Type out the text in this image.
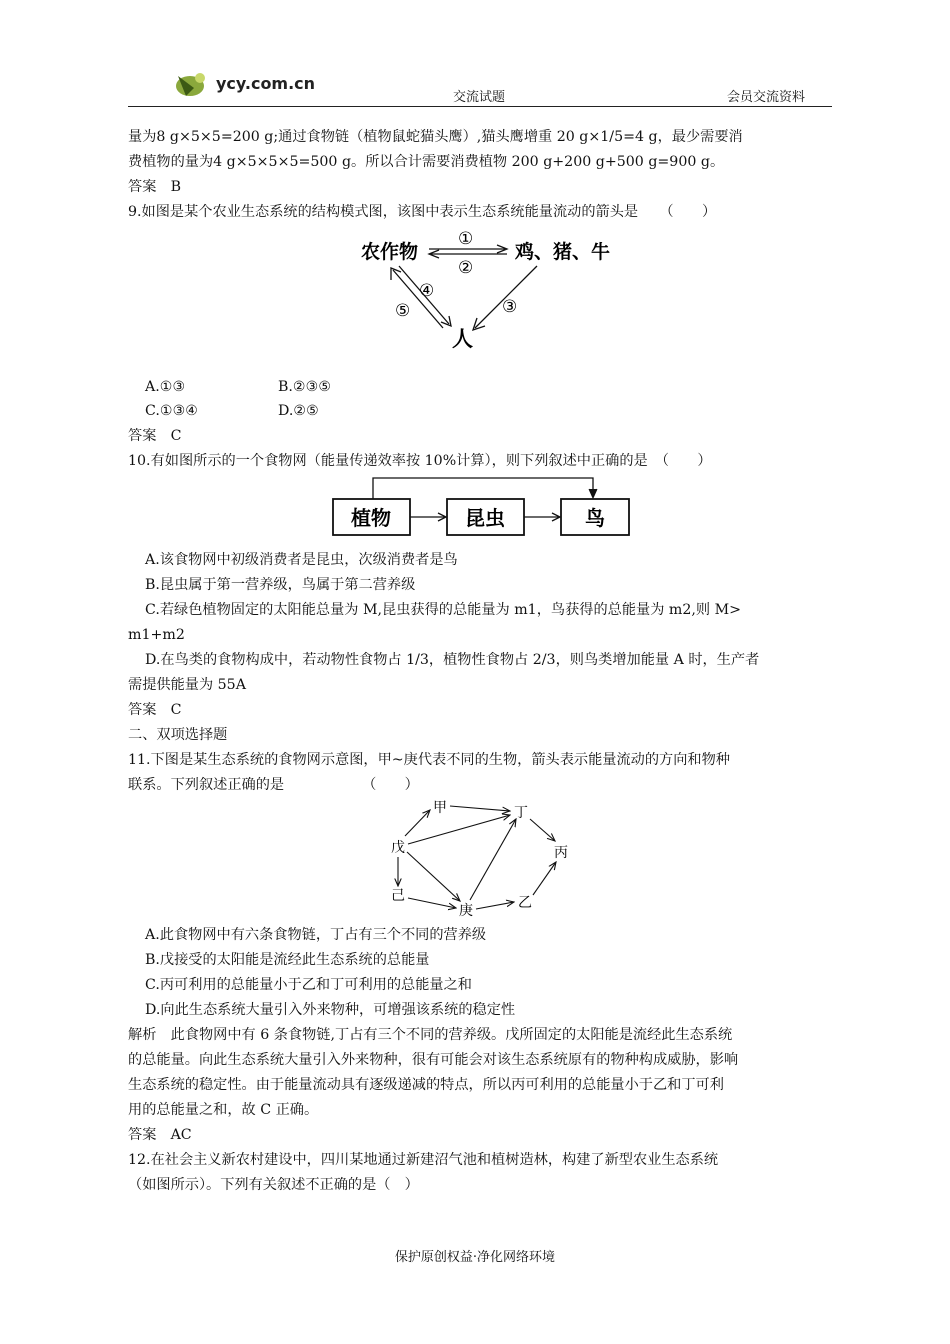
ycy.com.cn
交流试题	会员交流资料
量为8 g×5×5=200 g;通过食物链（植物鼠蛇猫头鹰）,猫头鹰增重 20 g×1/5=4 g，最少需要消
费植物的量为4 g×5×5×5=500 g。所以合计需要消费植物 200 g+200 g+500 g=900 g。
答案　B
9.如图是某个农业生态系统的结构模式图，该图中表示生态系统能量流动的箭头是　　（　　）
农作物	鸡、猪、牛
人
①
②
③
④
⑤
A.①③	B.②③⑤
C.①③④	D.②⑤
答案　C
10.有如图所示的一个食物网（能量传递效率按 10%计算），则下列叙述中正确的是　（　　）
植物	昆虫	鸟
A.该食物网中初级消费者是昆虫，次级消费者是鸟
B.昆虫属于第一营养级，鸟属于第二营养级
C.若绿色植物固定的太阳能总量为 M,昆虫获得的总能量为 m1，鸟获得的总能量为 m2,则 M>
m1+m2
D.在鸟类的食物构成中，若动物性食物占 1/3，植物性食物占 2/3，则鸟类增加能量 A 时，生产者
需提供能量为 55A
答案　C
二、双项选择题
11.下图是某生态系统的食物网示意图，甲~庚代表不同的生物，箭头表示能量流动的方向和物种
联系。下列叙述正确的是　　　　　　（　　）
甲	丁
戊	丙
己
庚	乙
A.此食物网中有六条食物链，丁占有三个不同的营养级
B.戊接受的太阳能是流经此生态系统的总能量
C.丙可利用的总能量小于乙和丁可利用的总能量之和
D.向此生态系统大量引入外来物种，可增强该系统的稳定性
解析　此食物网中有 6 条食物链,丁占有三个不同的营养级。戊所固定的太阳能是流经此生态系统
的总能量。向此生态系统大量引入外来物种，很有可能会对该生态系统原有的物种构成威胁，影响
生态系统的稳定性。由于能量流动具有逐级递减的特点，所以丙可利用的总能量小于乙和丁可利
用的总能量之和，故 C 正确。
答案　AC
12.在社会主义新农村建设中，四川某地通过新建沼气池和植树造林，构建了新型农业生态系统
（如图所示）。下列有关叙述不正确的是（　）
保护原创权益·净化网络环境
